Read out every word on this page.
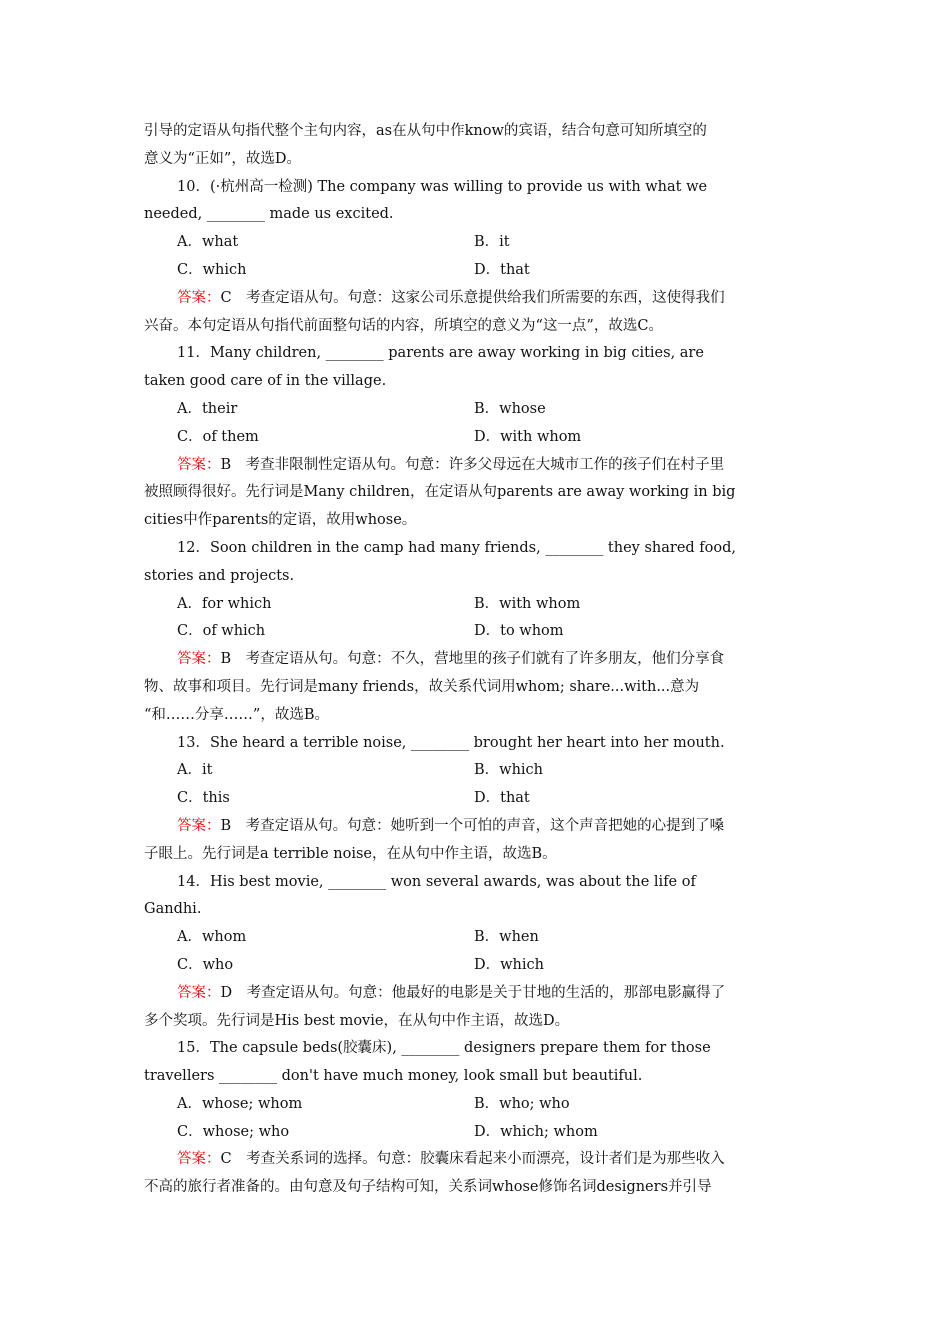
引导的定语从句指代整个主句内容，as在从句中作know的宾语，结合句意可知所填空的

意义为“正如”，故选D。

10．(·杭州高一检测) The company was willing to provide us with what we

needed, ________ made us excited.

A．what	B．it
C．which	D．that

答案：C　考查定语从句。句意：这家公司乐意提供给我们所需要的东西，这使得我们

兴奋。本句定语从句指代前面整句话的内容，所填空的意义为“这一点”，故选C。

11．Many children, ________ parents are away working in big cities, are

taken good care of in the village.

A．their	B．whose
C．of them	D．with whom

答案：B　考查非限制性定语从句。句意：许多父母远在大城市工作的孩子们在村子里

被照顾得很好。先行词是Many children，在定语从句parents are away working in big

cities中作parents的定语，故用whose。

12．Soon children in the camp had many friends, ________ they shared food,

stories and projects.

A．for which	B．with whom
C．of which	D．to whom

答案：B　考查定语从句。句意：不久，营地里的孩子们就有了许多朋友，他们分享食

物、故事和项目。先行词是many friends，故关系代词用whom; share...with...意为

“和……分享……”，故选B。

13．She heard a terrible noise, ________ brought her heart into her mouth.

A．it	B．which
C．this	D．that

答案：B　考查定语从句。句意：她听到一个可怕的声音，这个声音把她的心提到了嗓

子眼上。先行词是a terrible noise，在从句中作主语，故选B。

14．His best movie, ________ won several awards, was about the life of

Gandhi.

A．whom	B．when
C．who	D．which

答案：D　考查定语从句。句意：他最好的电影是关于甘地的生活的，那部电影赢得了

多个奖项。先行词是His best movie，在从句中作主语，故选D。

15．The capsule beds(胶囊床), ________ designers prepare them for those

travellers ________ don't have much money, look small but beautiful.

A．whose; whom	B．who; who
C．whose; who	D．which; whom

答案：C　考查关系词的选择。句意：胶囊床看起来小而漂亮，设计者们是为那些收入

不高的旅行者准备的。由句意及句子结构可知，关系词whose修饰名词designers并引导
